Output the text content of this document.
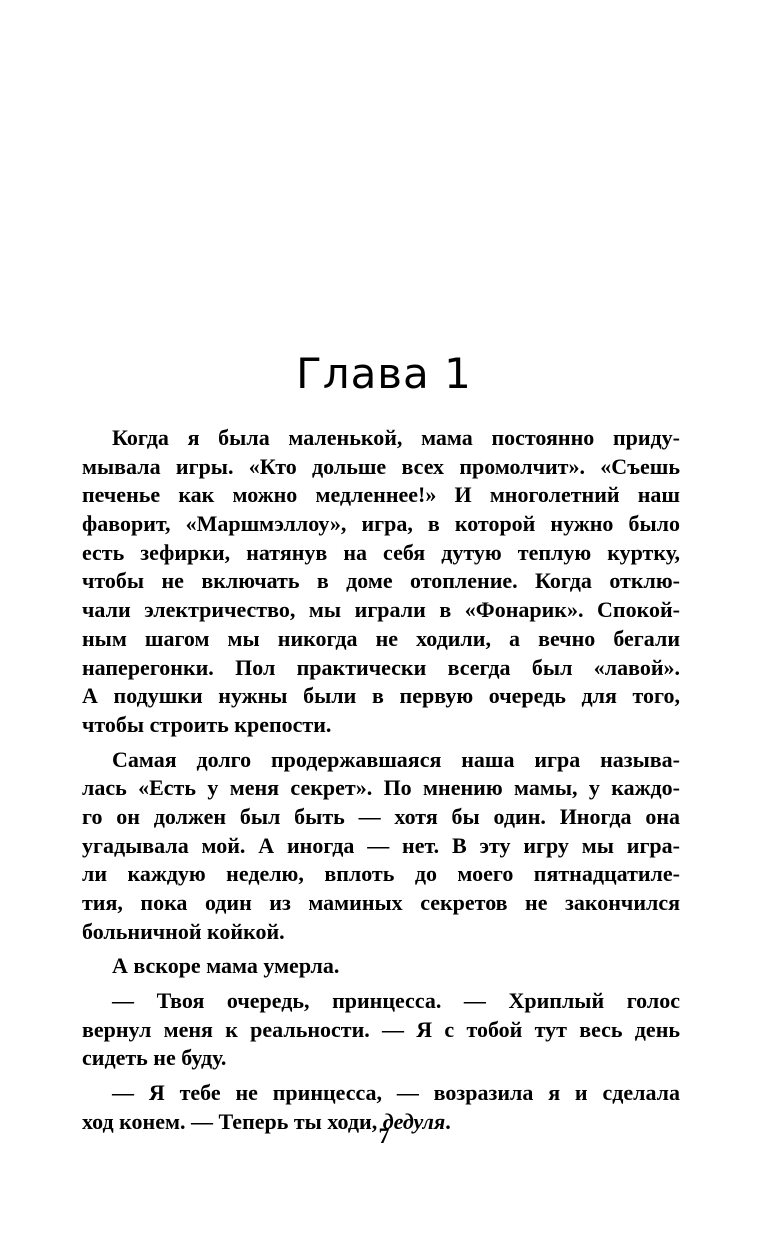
Глава 1
Когда я была маленькой, мама постоянно приду-
мывала игры. «Кто дольше всех промолчит». «Съешь
печенье как можно медленнее!» И многолетний наш
фаворит, «Маршмэллоу», игра, в которой нужно было
есть зефирки, натянув на себя дутую теплую куртку,
чтобы не включать в доме отопление. Когда отклю-
чали электричество, мы играли в «Фонарик». Спокой-
ным шагом мы никогда не ходили, а вечно бегали
наперегонки. Пол практически всегда был «лавой».
А подушки нужны были в первую очередь для того,
чтобы строить крепости.
Самая долго продержавшаяся наша игра называ-
лась «Есть у меня секрет». По мнению мамы, у каждо-
го он должен был быть — хотя бы один. Иногда она
угадывала мой. А иногда — нет. В эту игру мы игра-
ли каждую неделю, вплоть до моего пятнадцатиле-
тия, пока один из маминых секретов не закончился
больничной койкой.
А вскоре мама умерла.
— Твоя очередь, принцесса. — Хриплый голос
вернул меня к реальности. — Я с тобой тут весь день
сидеть не буду.
— Я тебе не принцесса, — возразила я и сделала
ход конем. — Теперь ты ходи, дедуля.
7
